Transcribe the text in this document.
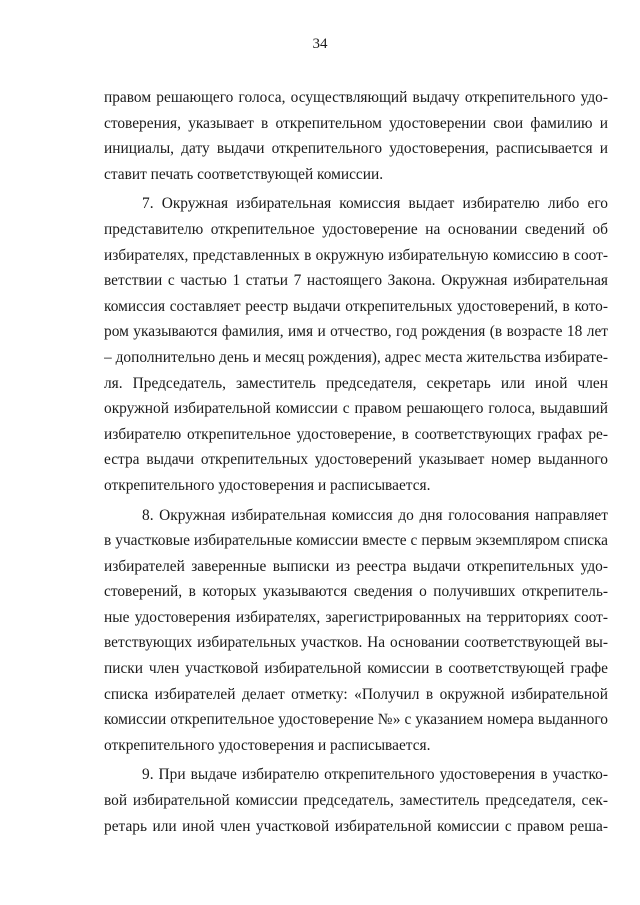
34
правом решающего голоса, осуществляющий выдачу открепительного удо-
стоверения, указывает в открепительном удостоверении свои фамилию и
инициалы, дату выдачи открепительного удостоверения, расписывается и
ставит печать соответствующей комиссии.
7. Окружная избирательная комиссия выдает избирателю либо его
представителю открепительное удостоверение на основании сведений об
избирателях, представленных в окружную избирательную комиссию в соот-
ветствии с частью 1 статьи 7 настоящего Закона. Окружная избирательная
комиссия составляет реестр выдачи открепительных удостоверений, в кото-
ром указываются фамилия, имя и отчество, год рождения (в возрасте 18 лет
– дополнительно день и месяц рождения), адрес места жительства избирате-
ля. Председатель, заместитель председателя, секретарь или иной член
окружной избирательной комиссии с правом решающего голоса, выдавший
избирателю открепительное удостоверение, в соответствующих графах ре-
естра выдачи открепительных удостоверений указывает номер выданного
открепительного удостоверения и расписывается.
8. Окружная избирательная комиссия до дня голосования направляет
в участковые избирательные комиссии вместе с первым экземпляром списка
избирателей заверенные выписки из реестра выдачи открепительных удо-
стоверений, в которых указываются сведения о получивших открепитель-
ные удостоверения избирателях, зарегистрированных на территориях соот-
ветствующих избирательных участков. На основании соответствующей вы-
писки член участковой избирательной комиссии в соответствующей графе
списка избирателей делает отметку: «Получил в окружной избирательной
комиссии открепительное удостоверение №» с указанием номера выданного
открепительного удостоверения и расписывается.
9. При выдаче избирателю открепительного удостоверения в участко-
вой избирательной комиссии председатель, заместитель председателя, сек-
ретарь или иной член участковой избирательной комиссии с правом реша-
